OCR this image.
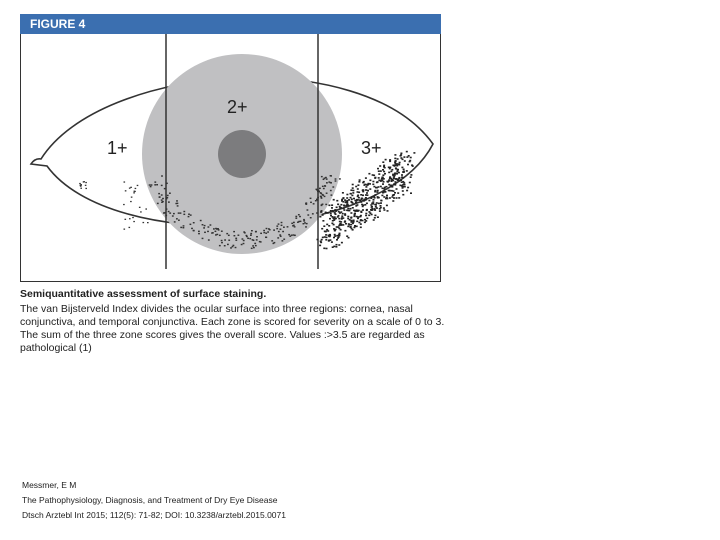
FIGURE 4
1+
2+
3+

Semiquantitative assessment of surface staining.

The van Bijsterveld Index divides the ocular surface into three regions: cornea, nasal conjunctiva, and temporal conjunctiva. Each zone is scored for severity on a scale of 0 to 3. The sum of the three zone scores gives the overall score. Values :>3.5 are regarded as pathological (1)

Messmer, E M
The Pathophysiology, Diagnosis, and Treatment of Dry Eye Disease
Dtsch Arztebl Int 2015; 112(5): 71-82; DOI: 10.3238/arztebl.2015.0071
